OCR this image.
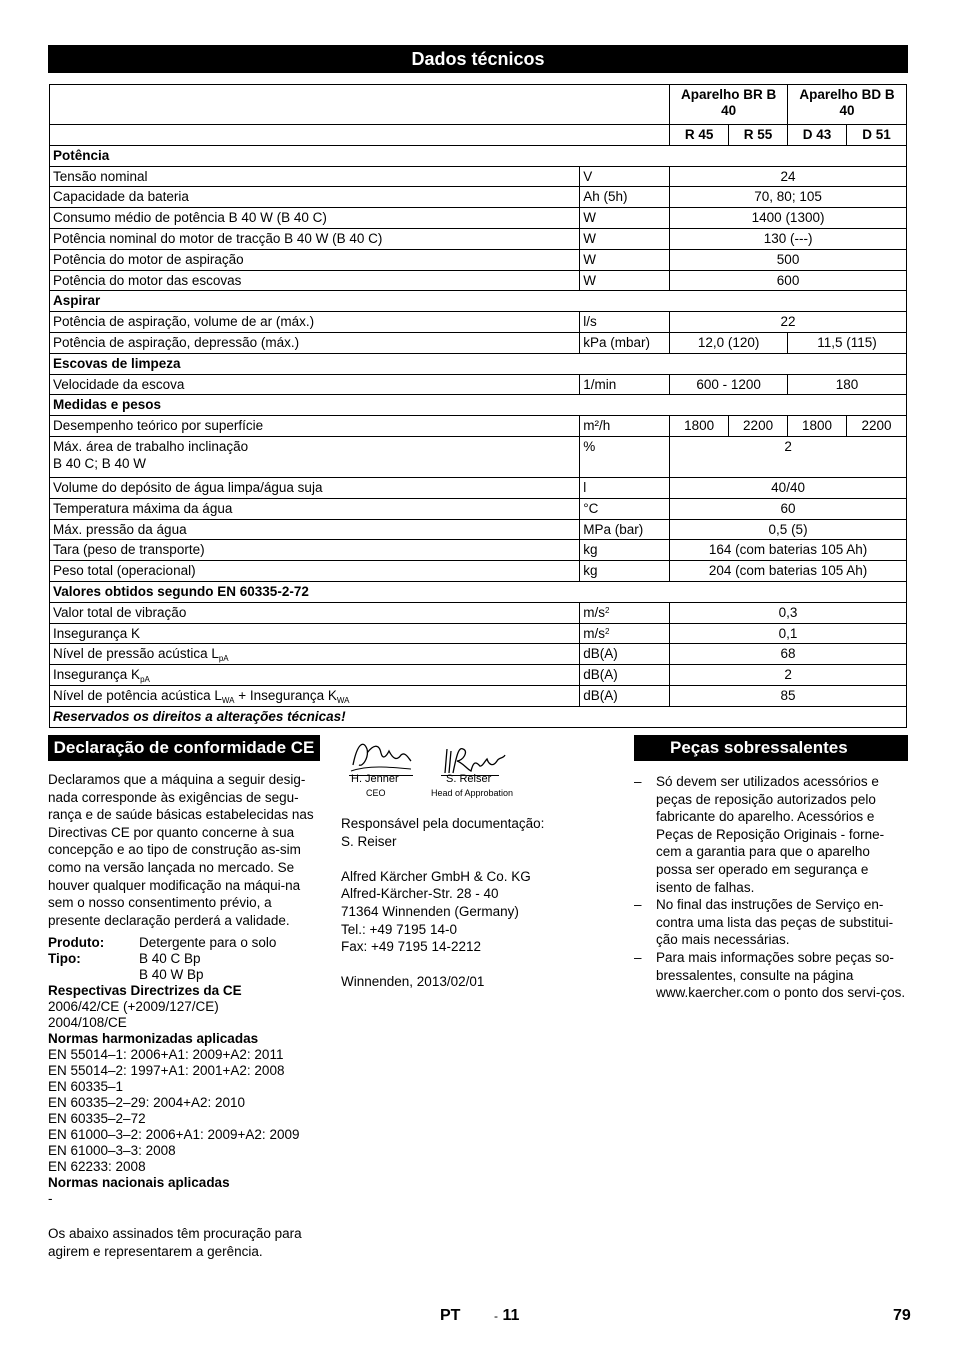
Dados técnicos
		Aparelho BR B 40		Aparelho BD B 40	
		R 45	R 55	D 43	D 51
Potência					
Tensão nominal	V	24			
Capacidade da bateria	Ah (5h)	70, 80; 105			
Consumo médio de potência B 40 W (B 40 C)	W	1400 (1300)			
Potência nominal do motor de tracção B 40 W (B 40 C)	W	130 (---)			
Potência do motor de aspiração	W	500			
Potência do motor das escovas	W	600			
Aspirar					
Potência de aspiração, volume de ar (máx.)	l/s	22			
Potência de aspiração, depressão (máx.)	kPa (mbar)	12,0 (120)		11,5 (115)	
Escovas de limpeza					
Velocidade da escova	1/min	600 - 1200		180	
Medidas e pesos					
Desempenho teórico por superfície	m²/h	1800	2200	1800	2200

Máx. área de trabalho inclinação
B 40 C; B 40 W	%	2			
Volume do depósito de água limpa/água suja	l	40/40			
Temperatura máxima da água	°C	60			
Máx. pressão da água	MPa (bar)	0,5 (5)			
Tara (peso de transporte)	kg	164 (com baterias 105 Ah)			
Peso total (operacional)	kg	204 (com baterias 105 Ah)			
Valores obtidos segundo EN 60335-2-72					
Valor total de vibração	$m/s^2$	0,3			
Insegurança K	$m/s^2$	0,1			
Nível de pressão acústica $L_{pA}$	dB(A)	68			
Insegurança $K_{pA}$	dB(A)	2			
Nível de potência acústica $L_{WA}$ + Insegurança $K_{WA}$	dB(A)	85			
Reservados os direitos a alterações técnicas!					
Declaração de conformidade CE
Declaramos que a máquina a seguir desig-nada corresponde às exigências de segu-rança e de saúde básicas estabelecidas nas Directivas CE por quanto concerne à sua concepção e ao tipo de construção as-sim como na versão lançada no mercado. Se houver qualquer modificação na máqui-na sem o nosso consentimento prévio, a presente declaração perderá a validade.
Produto:	Detergente para o solo
Tipo:	B 40 C Bp
B 40 W Bp
Respectivas Directrizes da CE
2006/42/CE (+2009/127/CE)
2004/108/CE
Normas harmonizadas aplicadas
EN 55014–1: 2006+A1: 2009+A2: 2011
EN 55014–2: 1997+A1: 2001+A2: 2008
EN 60335–1
EN 60335–2–29: 2004+A2: 2010
EN 60335–2–72
EN 61000–3–2: 2006+A1: 2009+A2: 2009
EN 61000–3–3: 2008
EN 62233: 2008
Normas nacionais aplicadas
-
Os abaixo assinados têm procuração para agirem e representarem a gerência.
H. Jenner	S. Reiser
CEO	Head of Approbation
Responsável pela documentação:
S. Reiser
Alfred Kärcher GmbH & Co. KG
Alfred-Kärcher-Str. 28 - 40
71364 Winnenden (Germany)
Tel.: +49 7195 14-0
Fax: +49 7195 14-2212
Winnenden, 2013/02/01
Peças sobressalentes
– Só devem ser utilizados acessórios e peças de reposição autorizados pelo fabricante do aparelho. Acessórios e Peças de Reposição Originais - forne-cem a garantia para que o aparelho possa ser operado em segurança e isento de falhas.
– No final das instruções de Serviço en-contra uma lista das peças de substitui-ção mais necessárias.
– Para mais informações sobre peças so-bressalentes, consulte na página www.kaercher.com o ponto dos servi-ços.
PT	- 11	79
